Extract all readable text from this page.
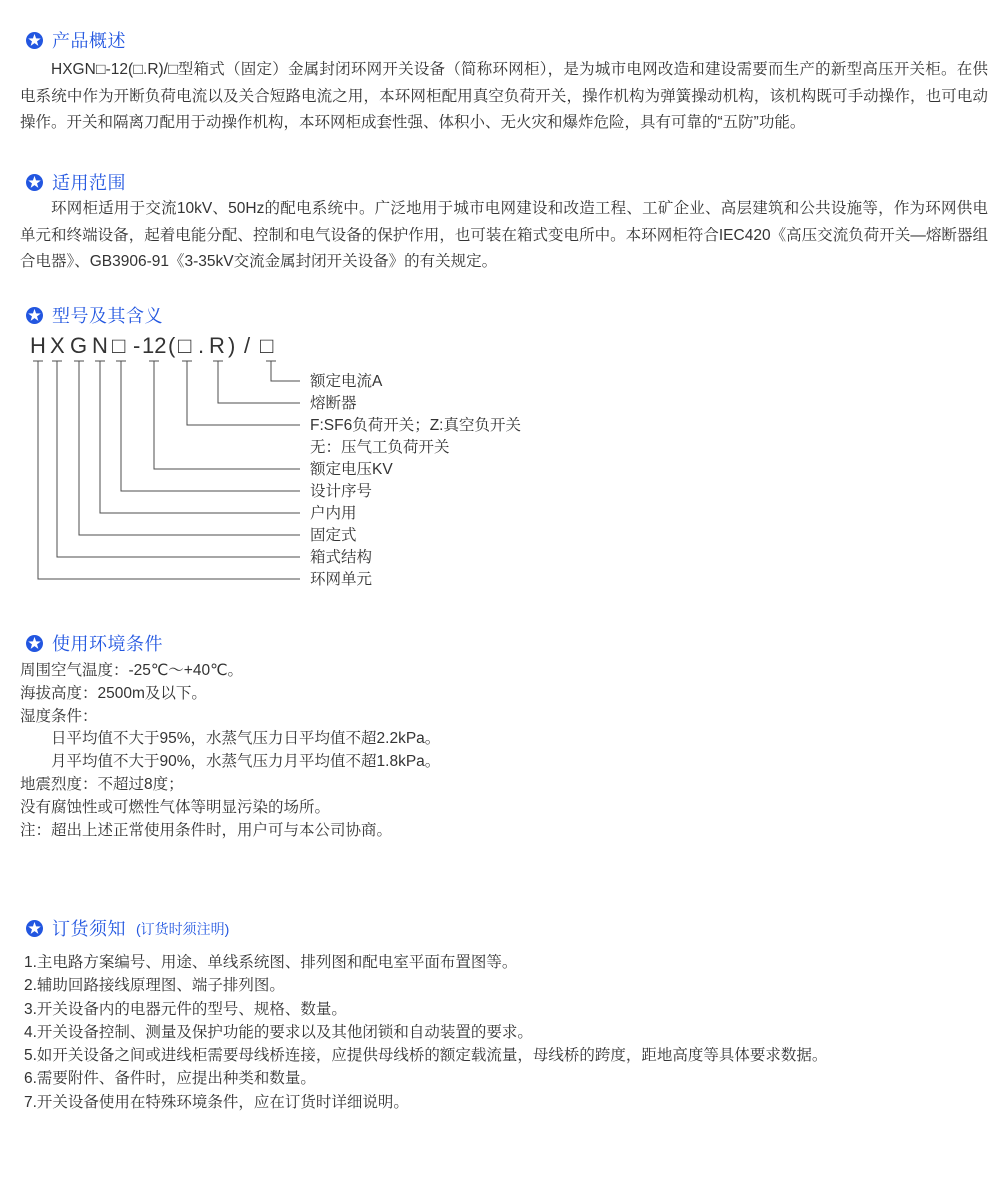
产品概述

HXGN□-12(□.R)/□型箱式（固定）金属封闭环网开关设备（简称环网柜），是为城市电网改造和建设需要而生产的新型高压开关柜。在供电系统中作为开断负荷电流以及关合短路电流之用，本环网柜配用真空负荷开关，操作机构为弹簧操动机构，该机构既可手动操作，也可电动操作。开关和隔离刀配用于动操作机构，本环网柜成套性强、体积小、无火灾和爆炸危险，具有可靠的“五防”功能。

适用范围

环网柜适用于交流10kV、50Hz的配电系统中。广泛地用于城市电网建设和改造工程、工矿企业、高层建筑和公共设施等，作为环网供电单元和终端设备，起着电能分配、控制和电气设备的保护作用，也可装在箱式变电所中。本环网柜符合IEC420《高压交流负荷开关—熔断器组合电器》、GB3906-91《3-35kV交流金属封闭开关设备》的有关规定。

型号及其含义
H X G N □ - 12 ( □ . R ) / □
额定电流A
熔断器
F:SF6负荷开关；Z:真空负开关
无：压气工负荷开关
额定电压KV
设计序号
户内用
固定式
箱式结构
环网单元
使用环境条件
周围空气温度：-25℃～+40℃。
海拔高度：2500m及以下。
湿度条件：
日平均值不大于95%，水蒸气压力日平均值不超2.2kPa。
月平均值不大于90%，水蒸气压力月平均值不超1.8kPa。
地震烈度：不超过8度；
没有腐蚀性或可燃性气体等明显污染的场所。
注：超出上述正常使用条件时，用户可与本公司协商。
订货须知 (订货时须注明)
1.主电路方案编号、用途、单线系统图、排列图和配电室平面布置图等。
2.辅助回路接线原理图、端子排列图。
3.开关设备内的电器元件的型号、规格、数量。
4.开关设备控制、测量及保护功能的要求以及其他闭锁和自动装置的要求。
5.如开关设备之间或进线柜需要母线桥连接，应提供母线桥的额定载流量，母线桥的跨度，距地高度等具体要求数据。
6.需要附件、备件时，应提出种类和数量。
7.开关设备使用在特殊环境条件，应在订货时详细说明。
